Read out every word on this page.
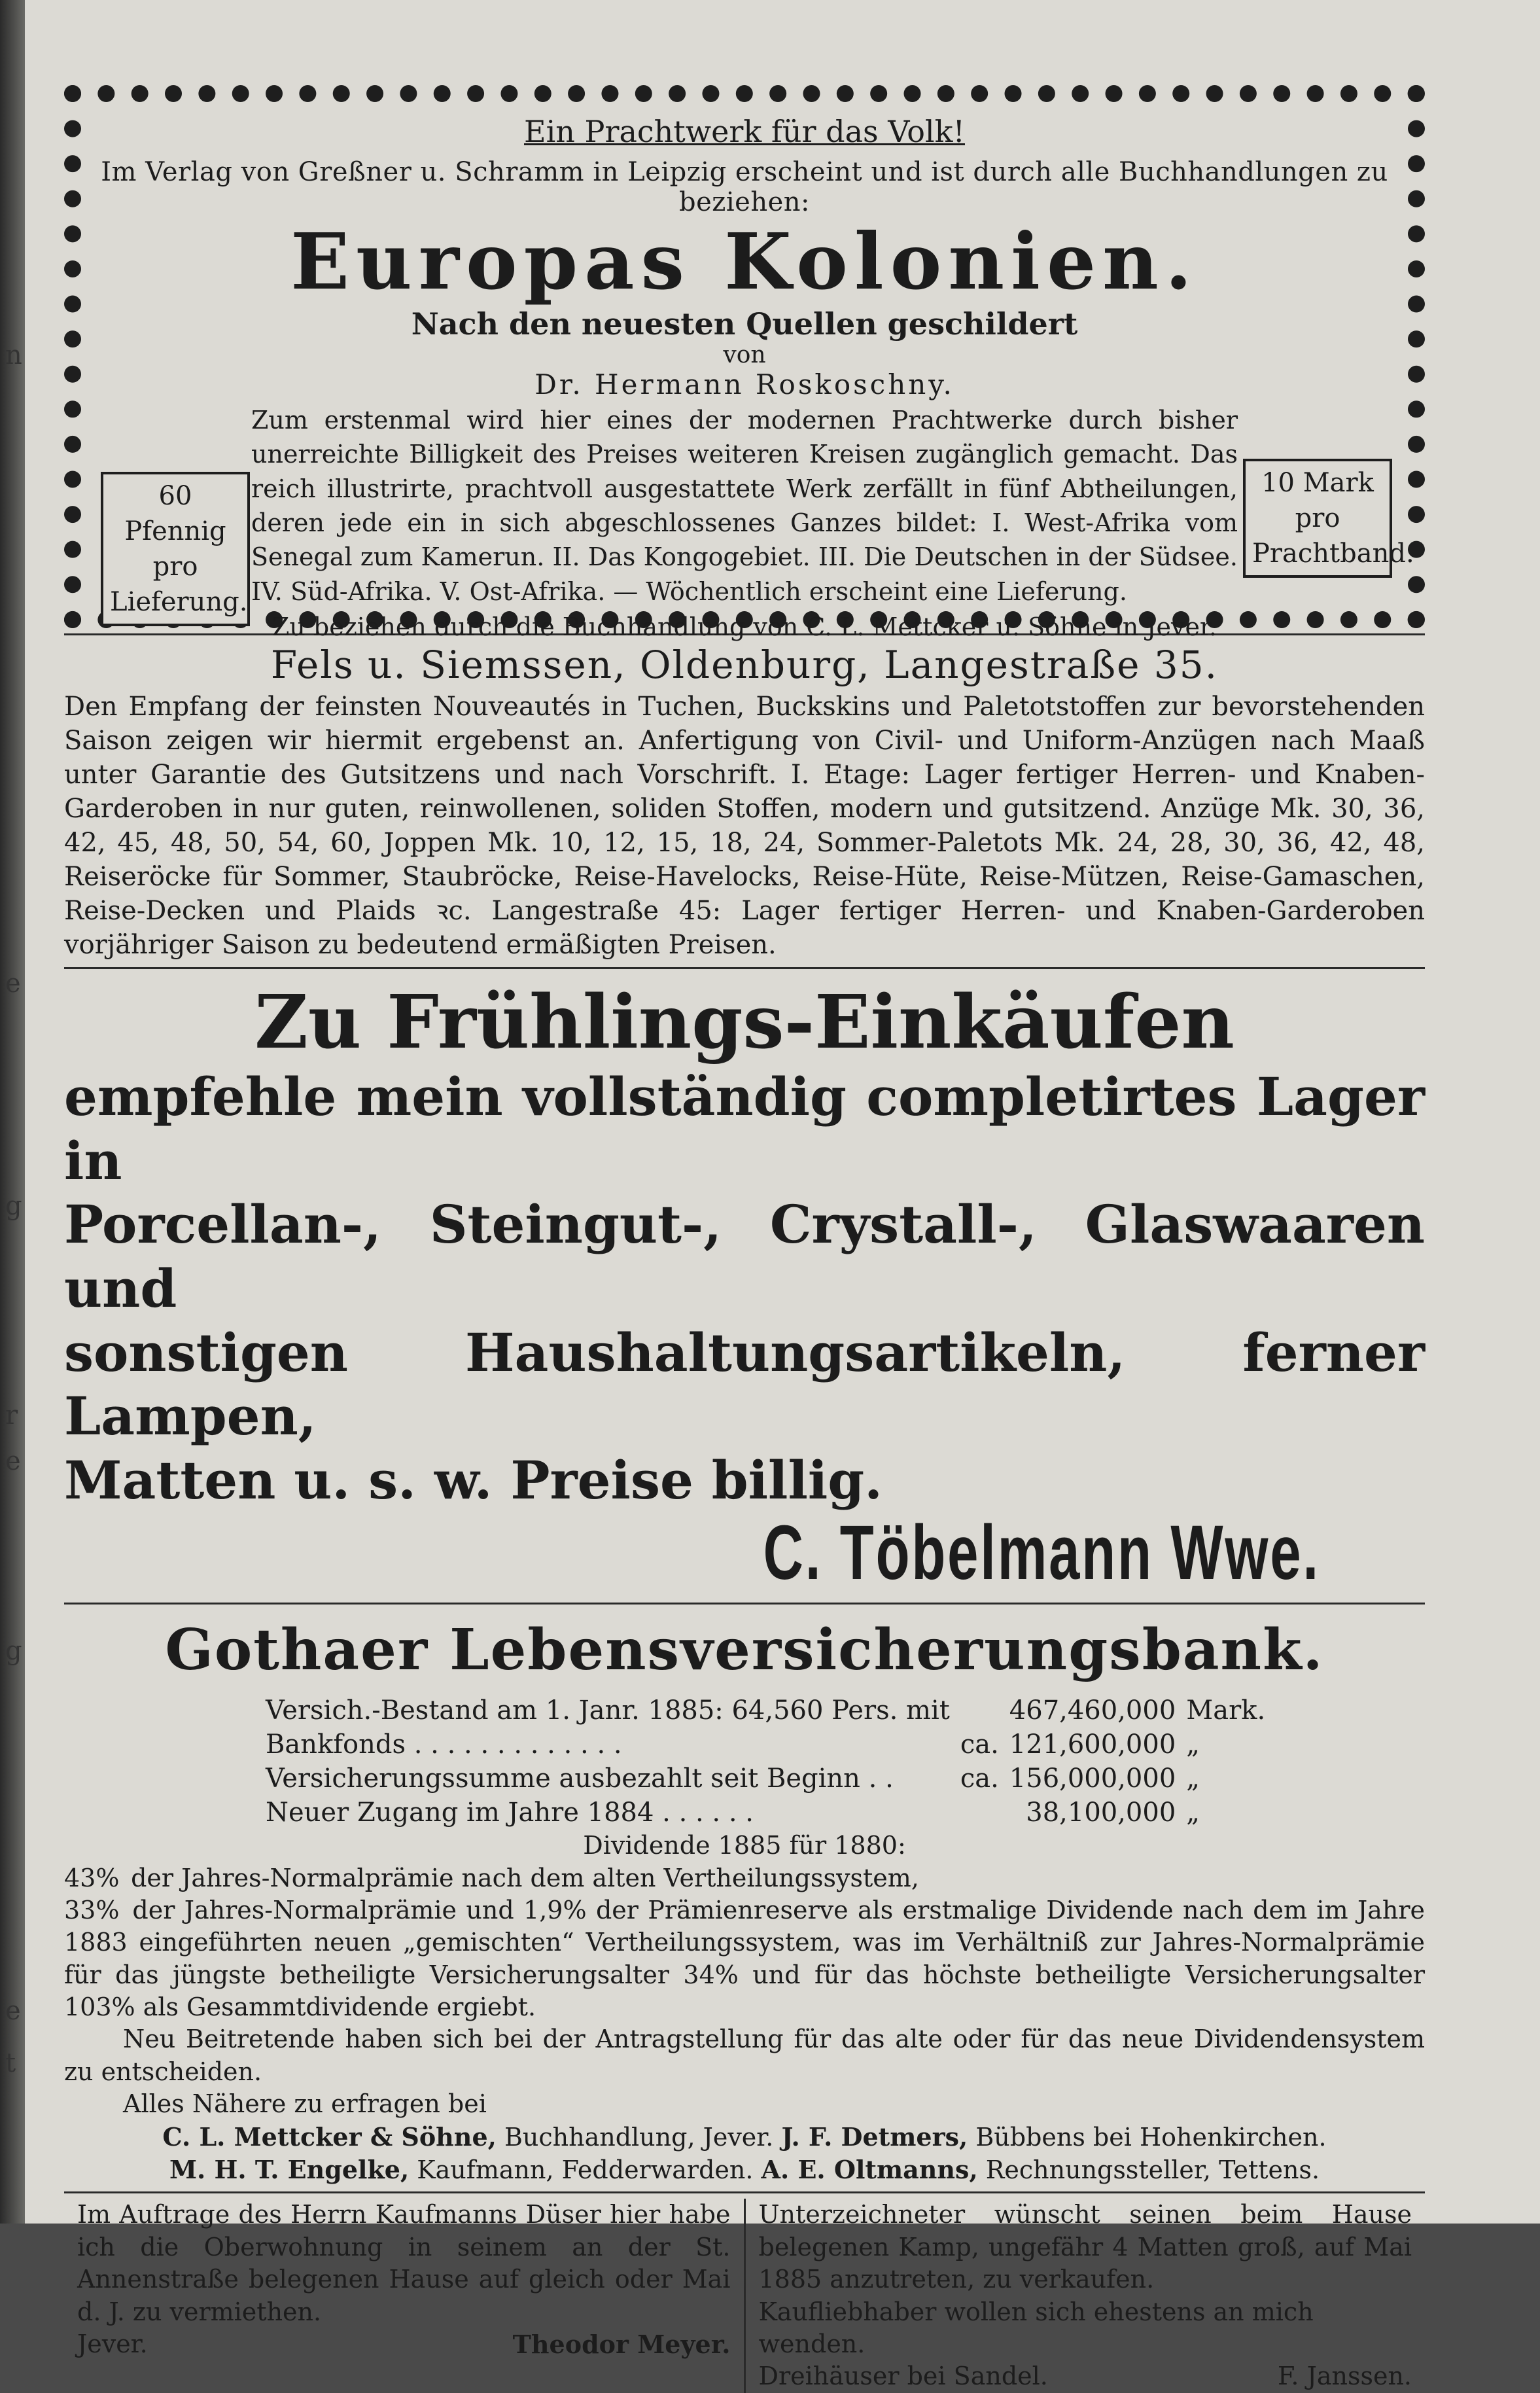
Ein Prachtwerk für das Volk!
Im Verlag von Greßner u. Schramm in Leipzig erscheint und ist durch alle Buchhandlungen zu beziehen:
Europas Kolonien.
Nach den neuesten Quellen geschildert
von
Dr. Hermann Roskoschny.
Zum erstenmal wird hier eines der modernen Prachtwerke durch bisher unerreichte Billigkeit des Preises weiteren Kreisen zugänglich gemacht. Das reich illustrirte, prachtvoll ausgestattete Werk zerfällt in fünf Abtheilungen, deren jede ein in sich abgeschlossenes Ganzes bildet: I. West-Afrika vom Senegal zum Kamerun. II. Das Kongogebiet. III. Die Deutschen in der Südsee. IV. Süd-Afrika. V. Ost-Afrika. — Wöchentlich erscheint eine Lieferung.
Zu beziehen durch die Buchhandlung von C. L. Mettcker u. Söhne in Jever.
60 Pfennig
pro
Lieferung.
10 Mark
pro
Prachtband.
Fels u. Siemssen, Oldenburg, Langestraße 35.
Den Empfang der feinsten Nouveautés in Tuchen, Buckskins und Paletotstoffen zur bevorstehenden Saison zeigen wir hiermit ergebenst an. Anfertigung von Civil- und Uniform-Anzügen nach Maaß unter Garantie des Gutsitzens und nach Vorschrift. I. Etage: Lager fertiger Herren- und Knaben-Garderoben in nur guten, reinwollenen, soliden Stoffen, modern und gutsitzend. Anzüge Mk. 30, 36, 42, 45, 48, 50, 54, 60, Joppen Mk. 10, 12, 15, 18, 24, Sommer-Paletots Mk. 24, 28, 30, 36, 42, 48, Reiseröcke für Sommer, Staubröcke, Reise-Havelocks, Reise-Hüte, Reise-Mützen, Reise-Gamaschen, Reise-Decken und Plaids ꝛc. Langestraße 45: Lager fertiger Herren- und Knaben-Garderoben vorjähriger Saison zu bedeutend ermäßigten Preisen.
Zu Frühlings-Einkäufen
empfehle mein vollständig completirtes Lager in
Porcellan-, Steingut-, Crystall-, Glaswaaren und
sonstigen Haushaltungsartikeln, ferner Lampen,
Matten u. s. w. Preise billig.
C. Töbelmann Wwe.
Gothaer Lebensversicherungsbank.
Versich.-Bestand am 1. Janr. 1885: 64,560 Pers. mit		467,460,000	Mark.
Bankfonds . . . . . . . . . . . . .	ca.	121,600,000	„
Versicherungssumme ausbezahlt seit Beginn . .	ca.	156,000,000	„
Neuer Zugang im Jahre 1884 . . . . . .		38,100,000	„
Dividende 1885 für 1880:
43% der Jahres-Normalprämie nach dem alten Vertheilungssystem,
33% der Jahres-Normalprämie und 1,9% der Prämienreserve als erstmalige Dividende nach dem im Jahre 1883 eingeführten neuen „gemischten“ Vertheilungssystem, was im Verhältniß zur Jahres-Normalprämie für das jüngste betheiligte Versicherungsalter 34% und für das höchste betheiligte Versicherungsalter 103% als Gesammtdividende ergiebt.
Neu Beitretende haben sich bei der Antragstellung für das alte oder für das neue Dividendensystem zu entscheiden.
Alles Nähere zu erfragen bei
C. L. Mettcker & Söhne, Buchhandlung, Jever. J. F. Detmers, Bübbens bei Hohenkirchen.
M. H. T. Engelke, Kaufmann, Fedderwarden. A. E. Oltmanns, Rechnungssteller, Tettens.
Im Auftrage des Herrn Kaufmanns Düser hier habe ich die Oberwohnung in seinem an der St. Annenstraße belegenen Hause auf gleich oder Mai d. J. zu vermiethen.
Jever.	Theodor Meyer.
Unterzeichneter wünscht seinen beim Hause belegenen Kamp, ungefähr 4 Matten groß, auf Mai 1885 anzutreten, zu verkaufen.
Kaufliebhaber wollen sich ehestens an mich wenden.
Dreihäuser bei Sandel.	F. Janssen.
n
e
g
r
e
g
e
t
